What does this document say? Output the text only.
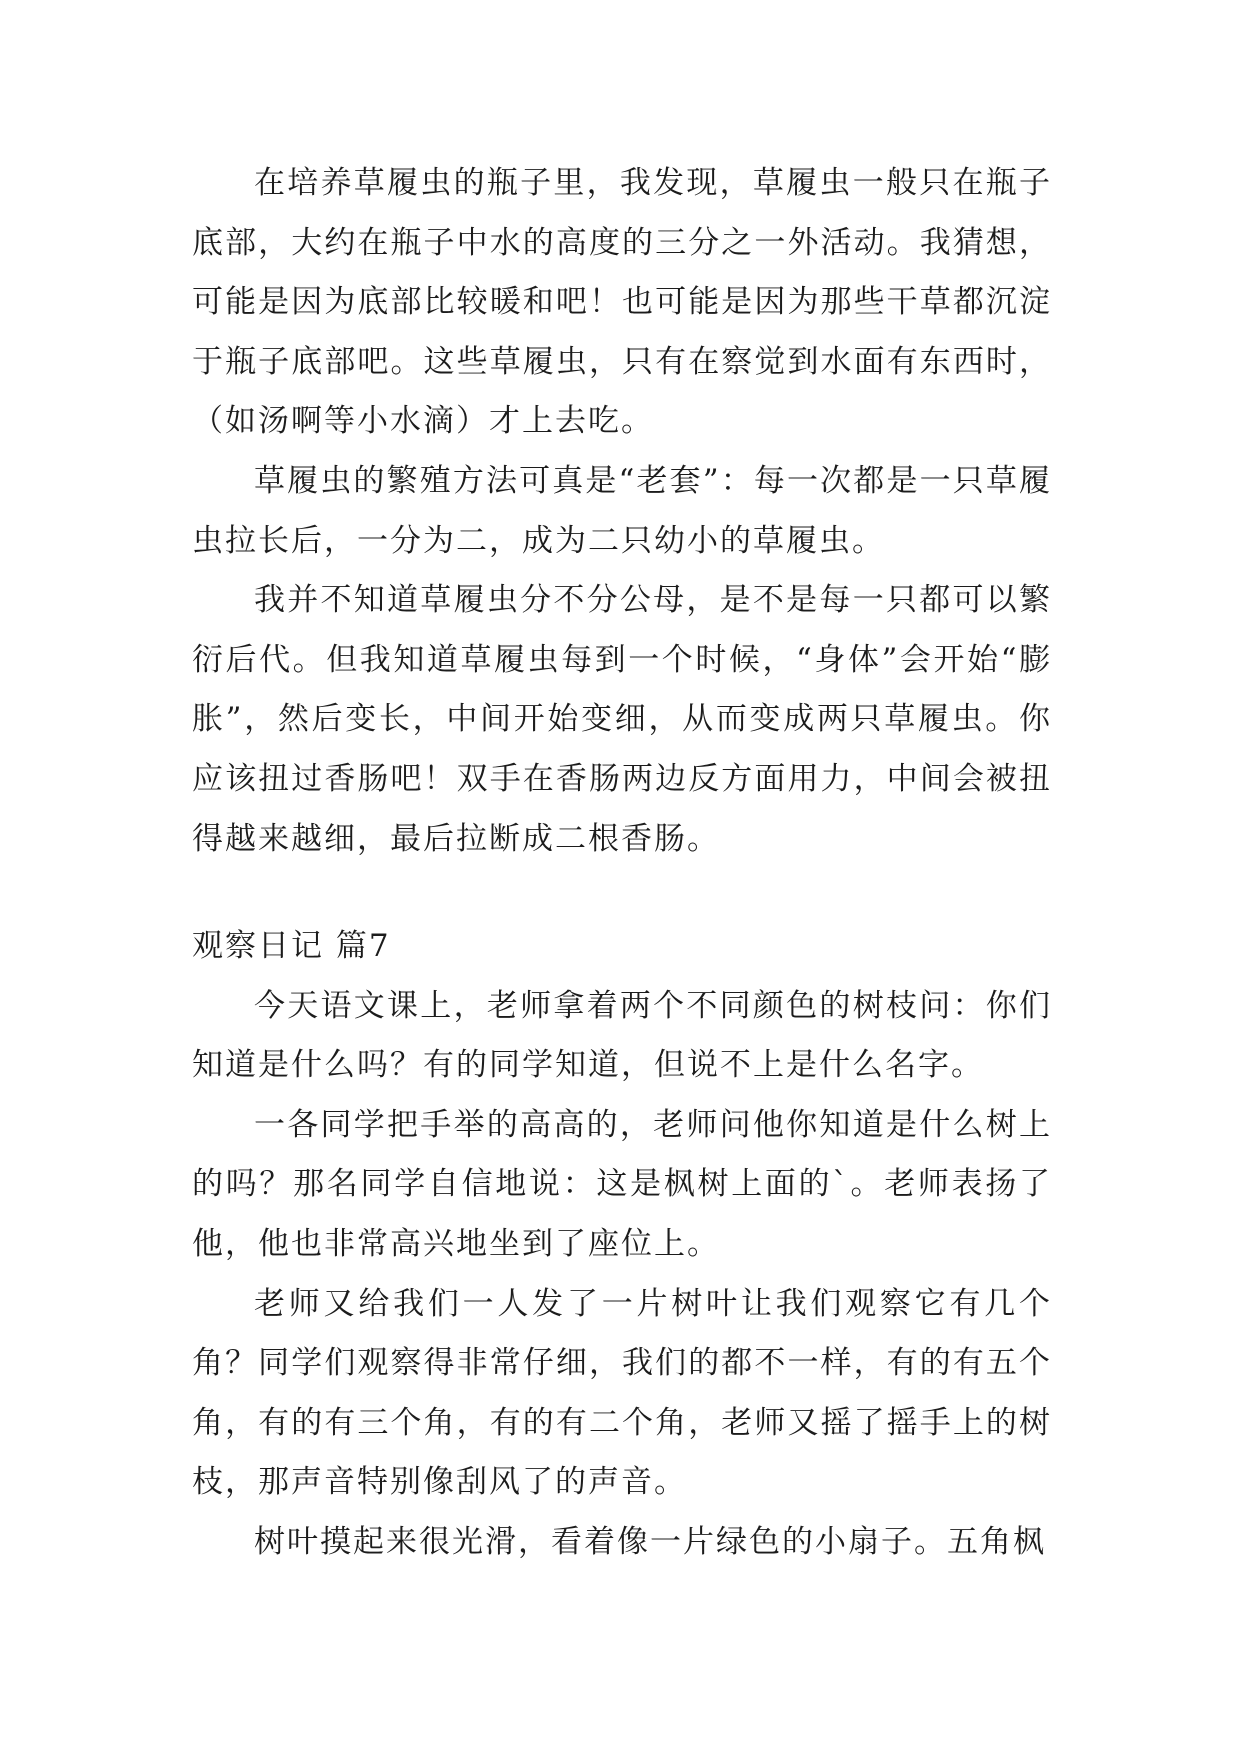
在培养草履虫的瓶子里，我发现，草履虫一般只在瓶子底部，大约在瓶子中水的高度的三分之一外活动。我猜想，可能是因为底部比较暖和吧！也可能是因为那些干草都沉淀于瓶子底部吧。这些草履虫，只有在察觉到水面有东西时，（如汤啊等小水滴）才上去吃。

草履虫的繁殖方法可真是“老套”：每一次都是一只草履虫拉长后，一分为二，成为二只幼小的草履虫。

我并不知道草履虫分不分公母，是不是每一只都可以繁衍后代。但我知道草履虫每到一个时候，“身体”会开始“膨胀”，然后变长，中间开始变细，从而变成两只草履虫。你应该扭过香肠吧！双手在香肠两边反方面用力，中间会被扭得越来越细，最后拉断成二根香肠。

观察日记 篇7

今天语文课上，老师拿着两个不同颜色的树枝问：你们知道是什么吗？有的同学知道，但说不上是什么名字。

一各同学把手举的高高的，老师问他你知道是什么树上的吗？那名同学自信地说：这是枫树上面的`。老师表扬了他，他也非常高兴地坐到了座位上。

老师又给我们一人发了一片树叶让我们观察它有几个角？同学们观察得非常仔细，我们的都不一样，有的有五个角，有的有三个角，有的有二个角，老师又摇了摇手上的树枝，那声音特别像刮风了的声音。

树叶摸起来很光滑，看着像一片绿色的小扇子。五角枫
